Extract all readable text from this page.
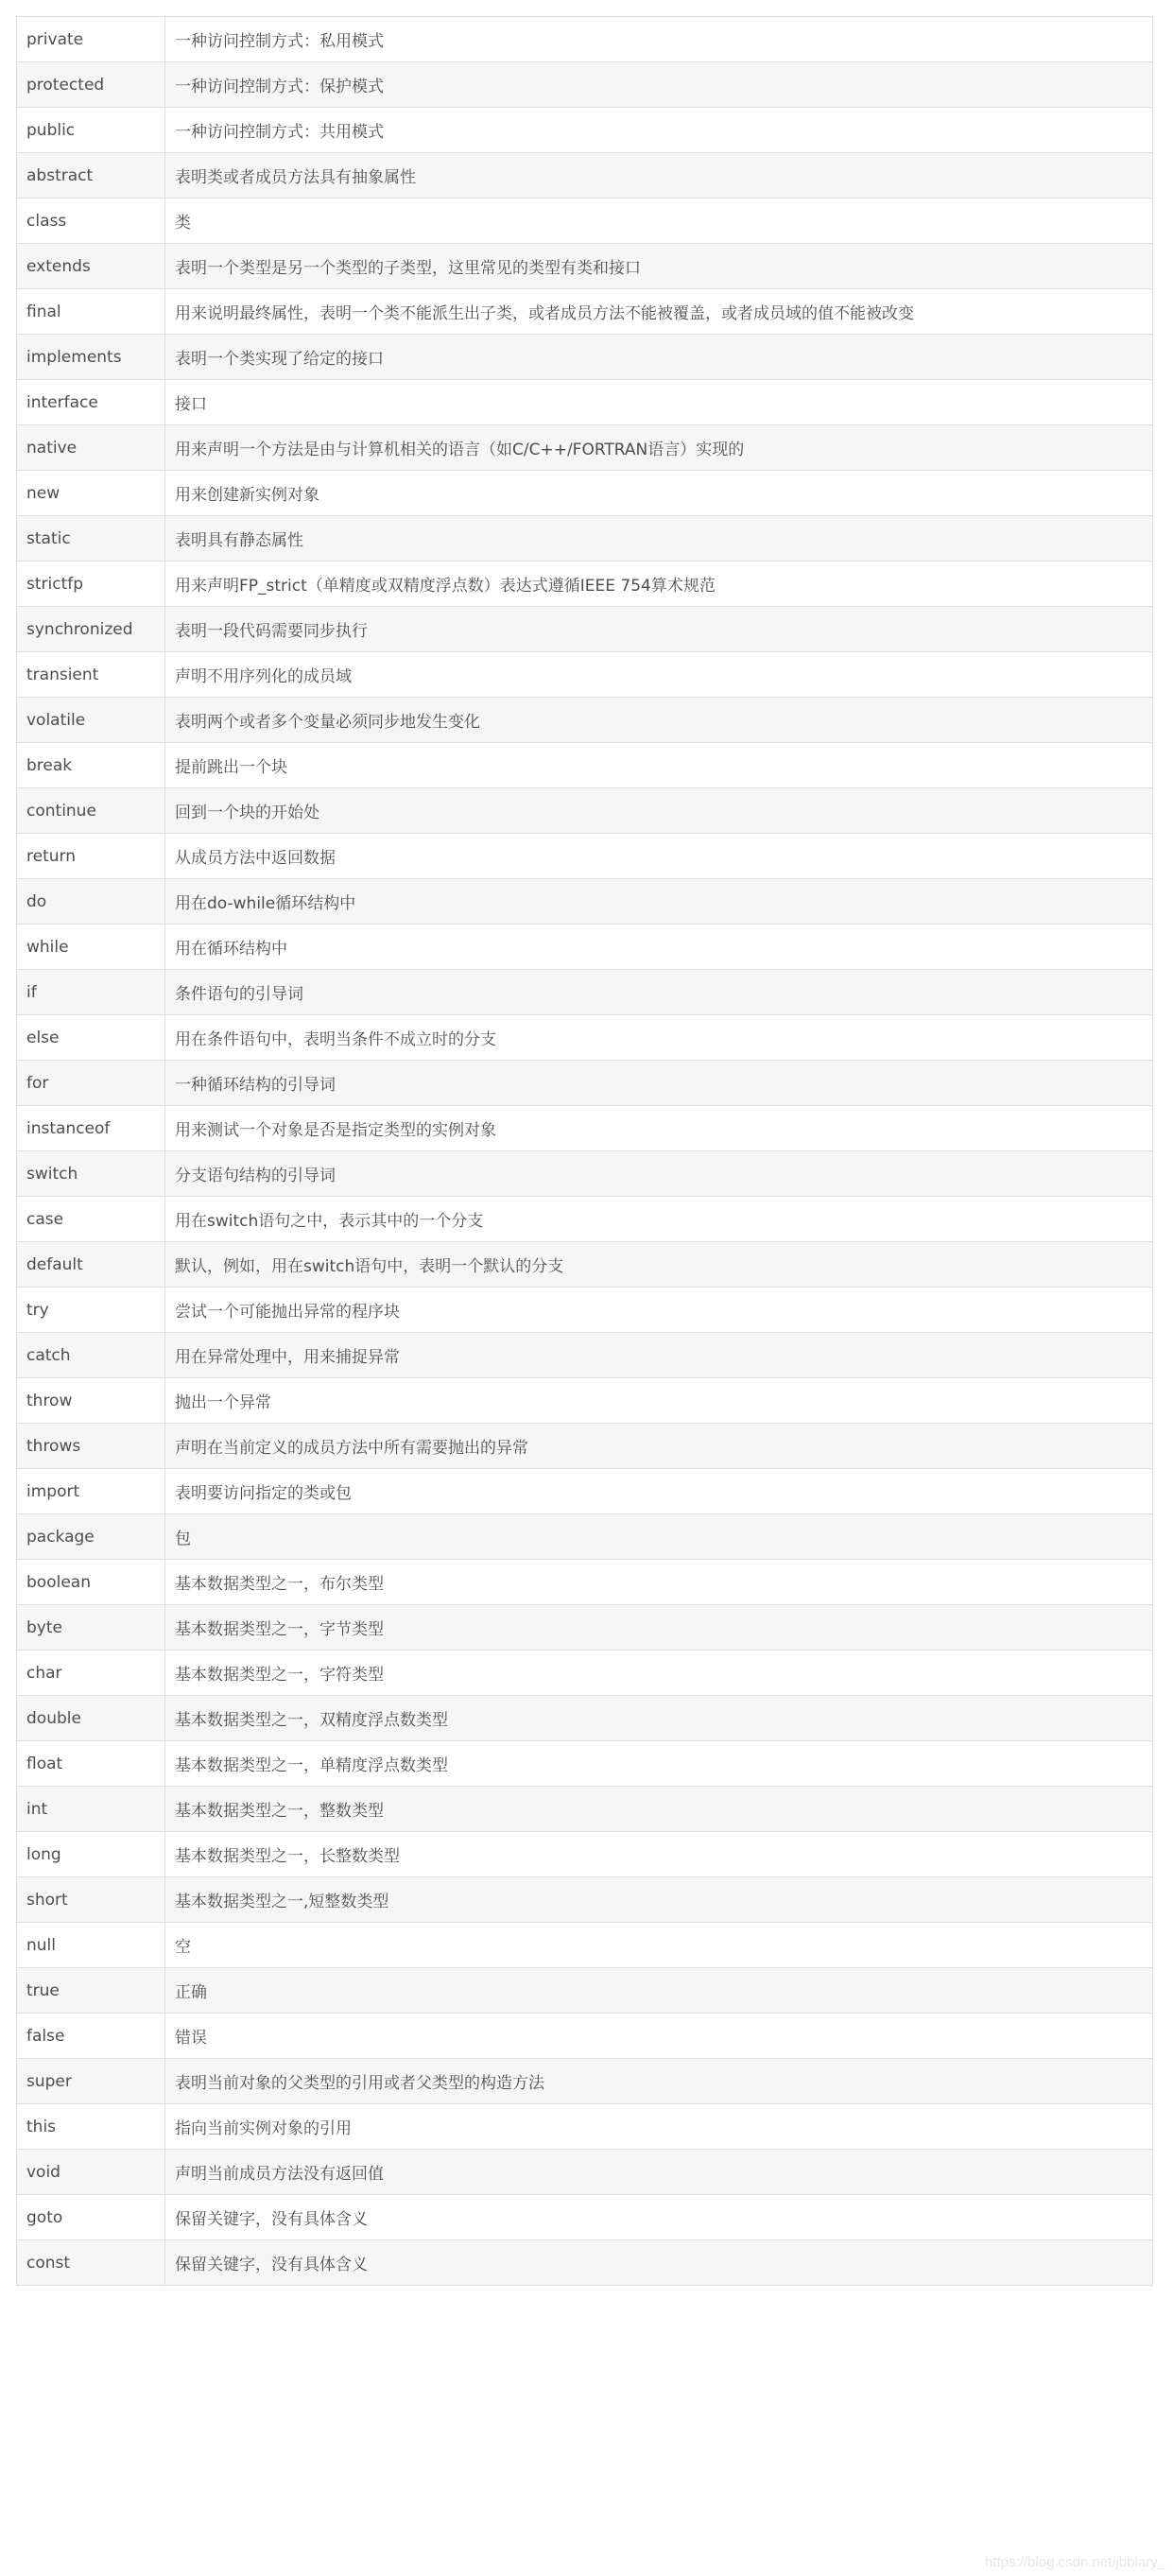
private	一种访问控制方式：私用模式
protected	一种访问控制方式：保护模式
public	一种访问控制方式：共用模式
abstract	表明类或者成员方法具有抽象属性
class	类
extends	表明一个类型是另一个类型的子类型，这里常见的类型有类和接口
final	用来说明最终属性，表明一个类不能派生出子类，或者成员方法不能被覆盖，或者成员域的值不能被改变
implements	表明一个类实现了给定的接口
interface	接口
native	用来声明一个方法是由与计算机相关的语言（如C/C++/FORTRAN语言）实现的
new	用来创建新实例对象
static	表明具有静态属性
strictfp	用来声明FP_strict（单精度或双精度浮点数）表达式遵循IEEE 754算术规范
synchronized	表明一段代码需要同步执行
transient	声明不用序列化的成员域
volatile	表明两个或者多个变量必须同步地发生变化
break	提前跳出一个块
continue	回到一个块的开始处
return	从成员方法中返回数据
do	用在do-while循环结构中
while	用在循环结构中
if	条件语句的引导词
else	用在条件语句中，表明当条件不成立时的分支
for	一种循环结构的引导词
instanceof	用来测试一个对象是否是指定类型的实例对象
switch	分支语句结构的引导词
case	用在switch语句之中，表示其中的一个分支
default	默认，例如，用在switch语句中，表明一个默认的分支
try	尝试一个可能抛出异常的程序块
catch	用在异常处理中，用来捕捉异常
throw	抛出一个异常
throws	声明在当前定义的成员方法中所有需要抛出的异常
import	表明要访问指定的类或包
package	包
boolean	基本数据类型之一，布尔类型
byte	基本数据类型之一，字节类型
char	基本数据类型之一，字符类型
double	基本数据类型之一，双精度浮点数类型
float	基本数据类型之一，单精度浮点数类型
int	基本数据类型之一，整数类型
long	基本数据类型之一，长整数类型
short	基本数据类型之一,短整数类型
null	空
true	正确
false	错误
super	表明当前对象的父类型的引用或者父类型的构造方法
this	指向当前实例对象的引用
void	声明当前成员方法没有返回值
goto	保留关键字，没有具体含义
const	保留关键字，没有具体含义
https://blog.csdn.net/jbblary_
